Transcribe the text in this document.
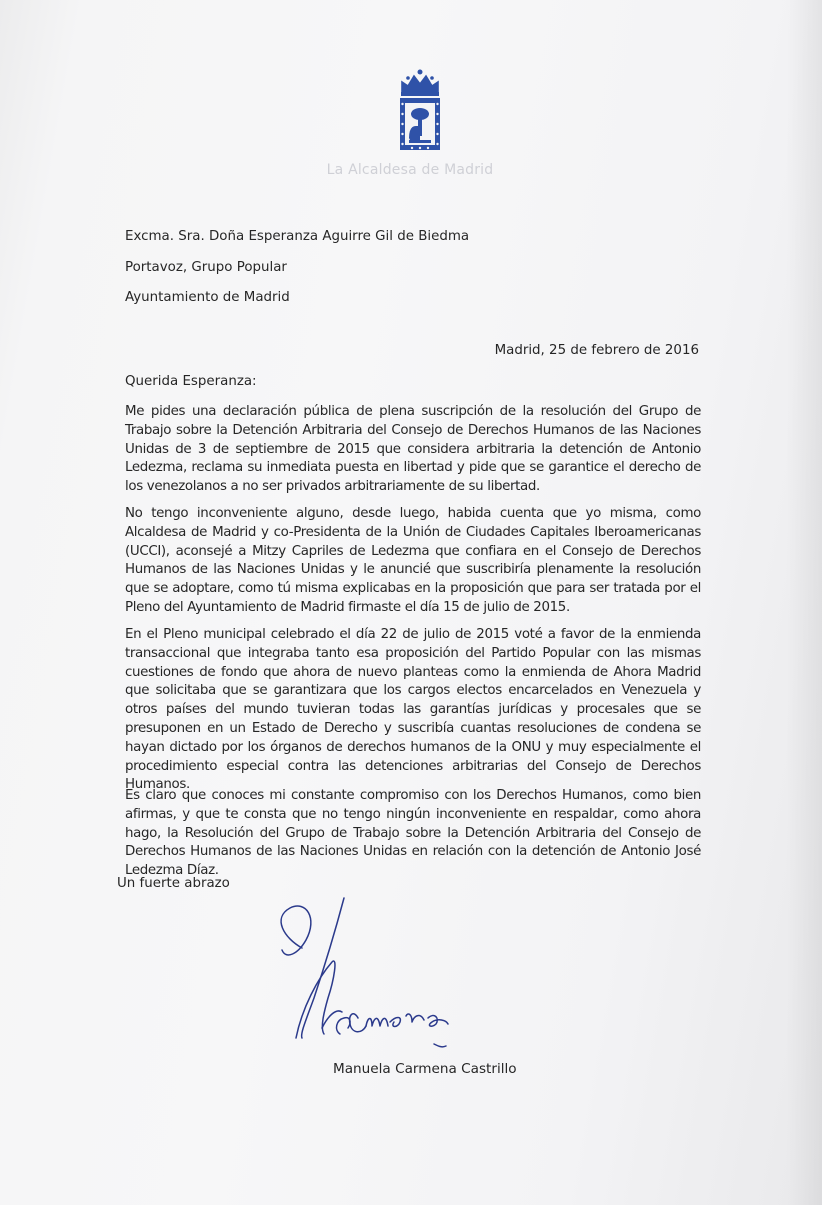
La Alcaldesa de Madrid
Excma. Sra. Doña Esperanza Aguirre Gil de Biedma
Portavoz, Grupo Popular
Ayuntamiento de Madrid
Madrid, 25 de febrero de 2016
Querida Esperanza:

Me pides una declaración pública de plena suscripción de la resolución del Grupo de Trabajo sobre la Detención Arbitraria del Consejo de Derechos Humanos de las Naciones Unidas de 3 de septiembre de 2015 que considera arbitraria la detención de Antonio Ledezma, reclama su inmediata puesta en libertad y pide que se garantice el derecho de los venezolanos a no ser privados arbitrariamente de su libertad.

No tengo inconveniente alguno, desde luego, habida cuenta que yo misma, como Alcaldesa de Madrid y co-Presidenta de la Unión de Ciudades Capitales Iberoamericanas (UCCI), aconsejé a Mitzy Capriles de Ledezma que confiara en el Consejo de Derechos Humanos de las Naciones Unidas y le anuncié que suscribiría plenamente la resolución que se adoptare, como tú misma explicabas en la proposición que para ser tratada por el Pleno del Ayuntamiento de Madrid firmaste el día 15 de julio de 2015.

En el Pleno municipal celebrado el día 22 de julio de 2015 voté a favor de la enmienda transaccional que integraba tanto esa proposición del Partido Popular con las mismas cuestiones de fondo que ahora de nuevo planteas como la enmienda de Ahora Madrid que solicitaba que se garantizara que los cargos electos encarcelados en Venezuela y otros países del mundo tuvieran todas las garantías jurídicas y procesales que se presuponen en un Estado de Derecho y suscribía cuantas resoluciones de condena se hayan dictado por los órganos de derechos humanos de la ONU y muy especialmente el procedimiento especial contra las detenciones arbitrarias del Consejo de Derechos Humanos.

Es claro que conoces mi constante compromiso con los Derechos Humanos, como bien afirmas, y que te consta que no tengo ningún inconveniente en respaldar, como ahora hago, la Resolución del Grupo de Trabajo sobre la Detención Arbitraria del Consejo de Derechos Humanos de las Naciones Unidas en relación con la detención de Antonio José Ledezma Díaz.

Un fuerte abrazo
Manuela Carmena Castrillo
